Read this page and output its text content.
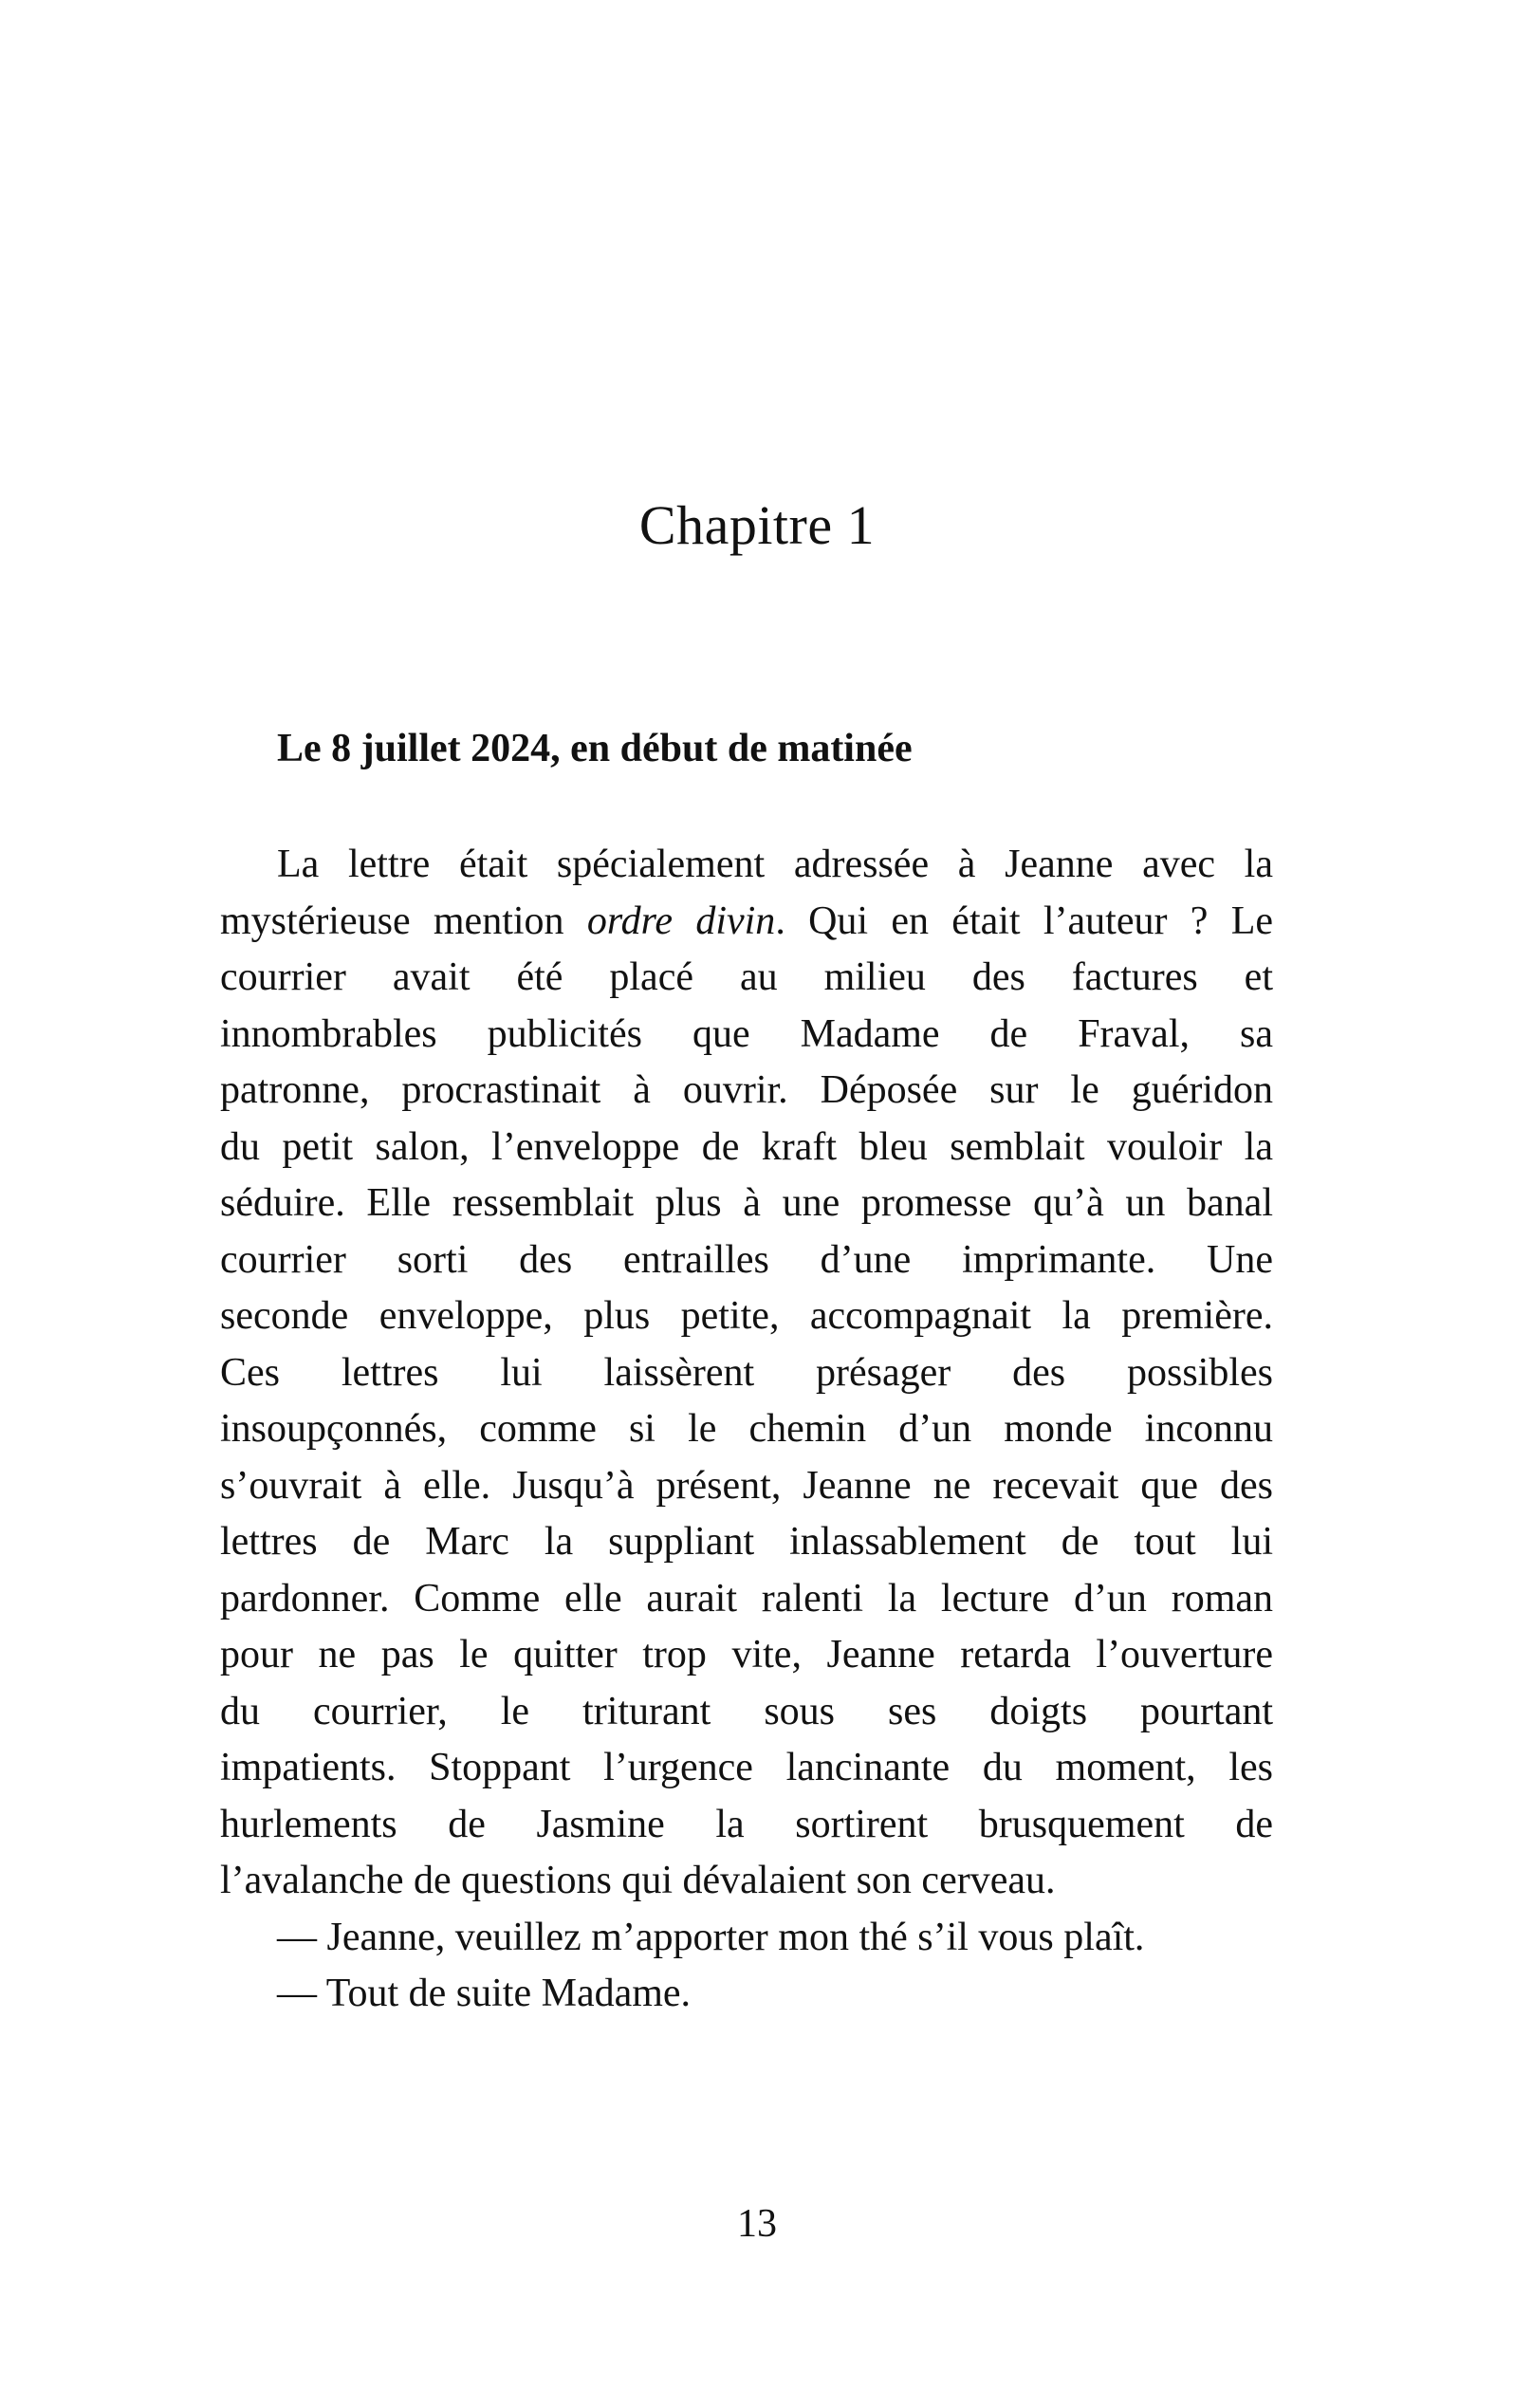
Chapitre 1
Le 8 juillet 2024, en début de matinée
La lettre était spécialement adressée à Jeanne avec la
mystérieuse mention ordre divin. Qui en était l’auteur ? Le
courrier avait été placé au milieu des factures et
innombrables publicités que Madame de Fraval, sa
patronne, procrastinait à ouvrir. Déposée sur le guéridon
du petit salon, l’enveloppe de kraft bleu semblait vouloir la
séduire. Elle ressemblait plus à une promesse qu’à un banal
courrier sorti des entrailles d’une imprimante. Une
seconde enveloppe, plus petite, accompagnait la première.
Ces lettres lui laissèrent présager des possibles
insoupçonnés, comme si le chemin d’un monde inconnu
s’ouvrait à elle. Jusqu’à présent, Jeanne ne recevait que des
lettres de Marc la suppliant inlassablement de tout lui
pardonner. Comme elle aurait ralenti la lecture d’un roman
pour ne pas le quitter trop vite, Jeanne retarda l’ouverture
du courrier, le triturant sous ses doigts pourtant
impatients. Stoppant l’urgence lancinante du moment, les
hurlements de Jasmine la sortirent brusquement de
l’avalanche de questions qui dévalaient son cerveau.
— Jeanne, veuillez m’apporter mon thé s’il vous plaît.
— Tout de suite Madame.

13
